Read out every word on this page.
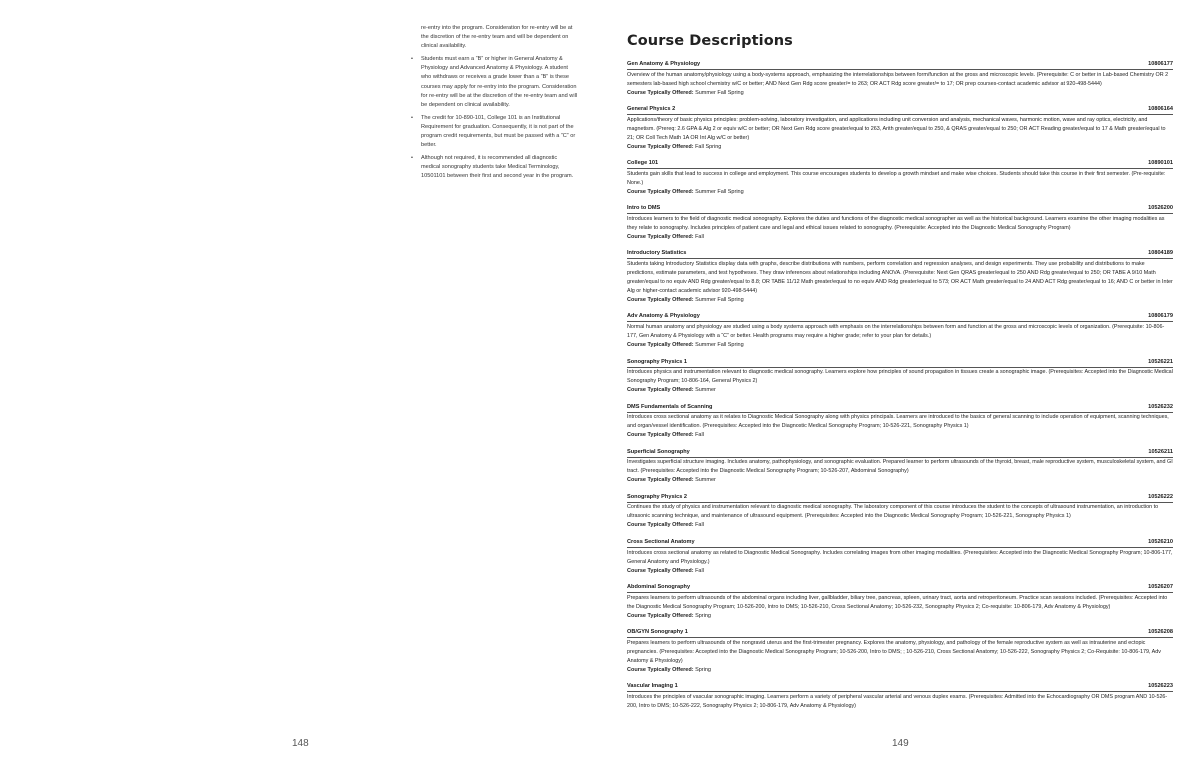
re-entry into the program. Consideration for re-entry will be at the discretion of the re-entry team and will be dependent on clinical availability.
• Students must earn a “B” or higher in General Anatomy & Physiology and Advanced Anatomy & Physiology. A student who withdraws or receives a grade lower than a “B” is these courses may apply for re-entry into the program. Consideration for re-entry will be at the discretion of the re-entry team and will be dependent on clinical availability.
• The credit for 10-890-101, College 101 is an Institutional Requirement for graduation. Consequently, it is not part of the program credit requirements, but must be passed with a “C” or better.
• Although not required, it is recommended all diagnostic medical sonography students take Medical Terminology, 10501101 between their first and second year in the program.
148
Course Descriptions
Gen Anatomy & Physiology	10806177
Overview of the human anatomy/physiology using a body-systems approach, emphasizing the interrelationships between form/function at the gross and microscopic levels. (Prerequisite: C or better in Lab-based Chemistry OR 2 semesters lab-based high school chemistry w/C or better; AND Next Gen Rdg score greater/= to 263; OR ACT Rdg score greater/= to 17; OR prep courses-contact academic advisor at 920-498-5444)
Course Typically Offered: Summer Fall Spring
General Physics 2	10806164
Applications/theory of basic physics principles: problem-solving, laboratory investigation, and applications including unit conversion and analysis, mechanical waves, harmonic motion, wave and ray optics, electricity, and magnetism. (Prereq: 2.6 GPA & Alg 2 or equiv w/C or better; OR Next Gen Rdg score greater/equal to 263, Arith greater/equal to 250, & QRAS greater/equal to 250; OR ACT Reading greater/equal to 17 & Math greater/equal to 21; OR Coll Tech Math 1A OR Int Alg w/C or better)
Course Typically Offered: Fall Spring
College 101	10890101
Students gain skills that lead to success in college and employment. This course encourages students to develop a growth mindset and make wise choices. Students should take this course in their first semester. (Pre-requisite: None.)
Course Typically Offered: Summer Fall Spring
Intro to DMS	10526200
Introduces learners to the field of diagnostic medical sonography. Explores the duties and functions of the diagnostic medical sonographer as well as the historical background. Learners examine the other imaging modalities as they relate to sonography. Includes principles of patient care and legal and ethical issues related to sonography. (Prerequisite: Accepted into the Diagnostic Medical Sonography Program)
Course Typically Offered: Fall
Introductory Statistics	10804189
Students taking Introductory Statistics display data with graphs, describe distributions with numbers, perform correlation and regression analyses, and design experiments. They use probability and distributions to make predictions, estimate parameters, and test hypotheses. They draw inferences about relationships including ANOVA. (Prerequisite: Next Gen QRAS greater/equal to 250 AND Rdg greater/equal to 250; OR TABE A 9/10 Math greater/equal to no equiv AND Rdg greater/equal to 8.8; OR TABE 11/12 Math greater/equal to no equiv AND Rdg greater/equal to 573; OR ACT Math greater/equal to 24 AND ACT Rdg greater/equal to 16; AND C or better in Inter Alg or higher-contact academic advisor 920-498-5444)
Course Typically Offered: Summer Fall Spring
Adv Anatomy & Physiology	10806179
Normal human anatomy and physiology are studied using a body systems approach with emphasis on the interrelationships between form and function at the gross and microscopic levels of organization. (Prerequisite: 10-806-177, Gen Anatomy & Physiology with a “C” or better. Health programs may require a higher grade; refer to your plan for details.)
Course Typically Offered: Summer Fall Spring
Sonography Physics 1	10526221
Introduces physics and instrumentation relevant to diagnostic medical sonography. Learners explore how principles of sound propagation in tissues create a sonographic image. (Prerequisites: Accepted into the Diagnostic Medical Sonography Program; 10-806-164, General Physics 2)
Course Typically Offered: Summer
DMS Fundamentals of Scanning	10526232
Introduces cross sectional anatomy as it relates to Diagnostic Medical Sonography along with physics principals. Learners are introduced to the basics of general scanning to include operation of equipment, scanning techniques, and organ/vessel identification. (Prerequisites: Accepted into the Diagnostic Medical Sonography Program; 10-526-221, Sonography Physics 1)
Course Typically Offered: Fall
Superficial Sonography	10526211
Investigates superficial structure imaging. Includes anatomy, pathophysiology, and sonographic evaluation. Prepared learner to perform ultrasounds of the thyroid, breast, male reproductive system, musculoskeletal system, and GI tract. (Prerequisites: Accepted into the Diagnostic Medical Sonography Program; 10-526-207, Abdominal Sonography)
Course Typically Offered: Summer
Sonography Physics 2	10526222
Continues the study of physics and instrumentation relevant to diagnostic medical sonography. The laboratory component of this course introduces the student to the concepts of ultrasound instrumentation, an introduction to ultrasonic scanning technique, and maintenance of ultrasound equipment. (Prerequisites: Accepted into the Diagnostic Medical Sonography Program; 10-526-221, Sonography Physics 1)
Course Typically Offered: Fall
Cross Sectional Anatomy	10526210
Introduces cross sectional anatomy as related to Diagnostic Medical Sonography. Includes correlating images from other imaging modalities. (Prerequisites: Accepted into the Diagnostic Medical Sonography Program; 10-806-177, General Anatomy and Physiology.)
Course Typically Offered: Fall
Abdominal Sonography	10526207
Prepares learners to perform ultrasounds of the abdominal organs including liver, gallbladder, biliary tree, pancreas, spleen, urinary tract, aorta and retroperitoneum. Practice scan sessions included. (Prerequisites: Accepted into the Diagnostic Medical Sonography Program; 10-526-200, Intro to DMS; 10-526-210, Cross Sectional Anatomy; 10-526-232, Sonography Physics 2; Co-requisite: 10-806-179, Adv Anatomy & Physiology)
Course Typically Offered: Spring
OB/GYN Sonography 1	10526208
Prepares learners to perform ultrasounds of the nongravid uterus and the first-trimester pregnancy. Explores the anatomy, physiology, and pathology of the female reproductive system as well as intrauterine and ectopic pregnancies. (Prerequisites: Accepted into the Diagnostic Medical Sonography Program; 10-526-200, Intro to DMS; ; 10-526-210, Cross Sectional Anatomy; 10-526-222, Sonography Physics 2; Co-Requisite: 10-806-179, Adv Anatomy & Physiology)
Course Typically Offered: Spring
Vascular Imaging 1	10526223
Introduces the principles of vascular sonographic imaging. Learners perform a variety of peripheral vascular arterial and venous duplex exams. (Prerequisites: Admitted into the Echocardiography OR DMS program AND 10-526-200, Intro to DMS; 10-526-222, Sonography Physics 2; 10-806-179, Adv Anatomy & Physiology)
149
